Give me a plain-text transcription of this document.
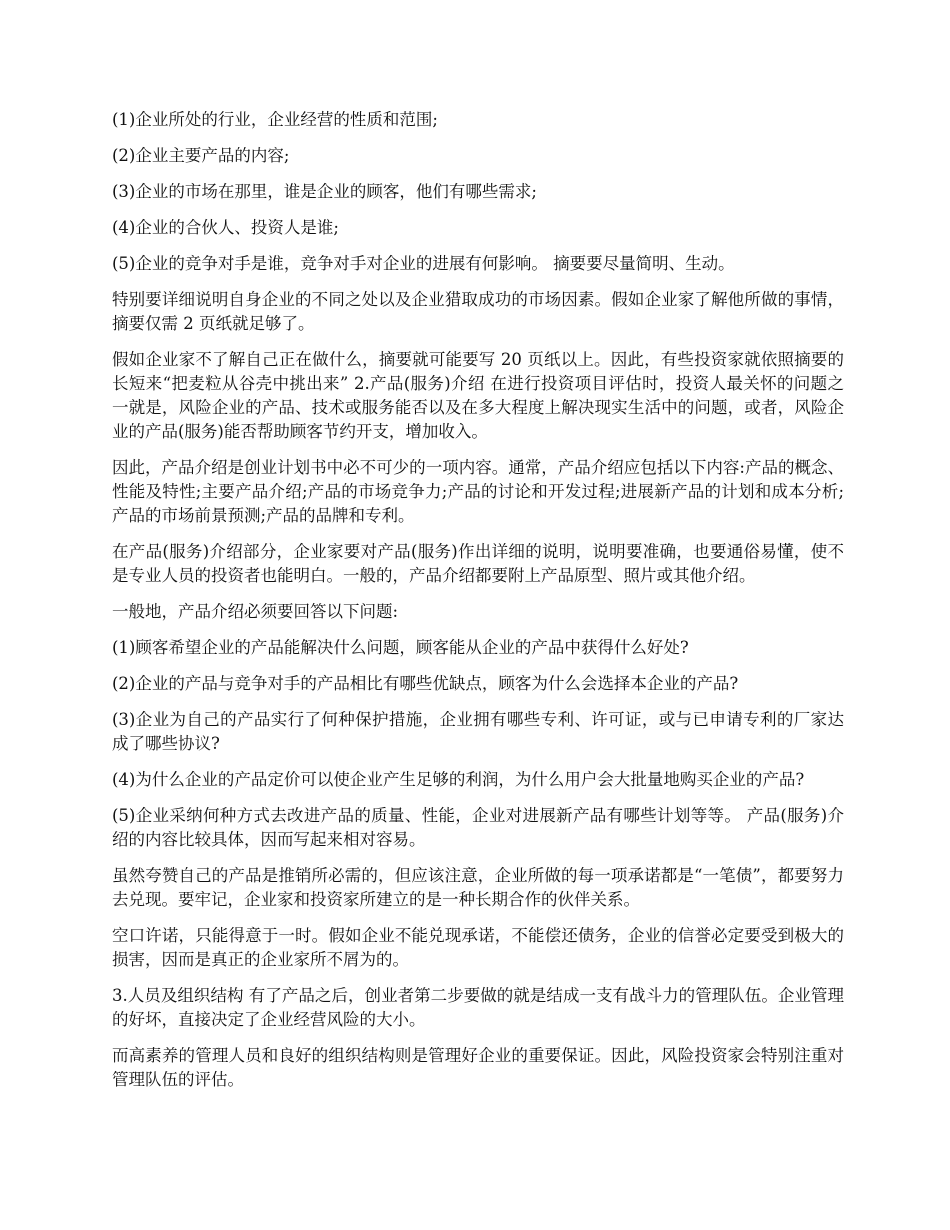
(1)企业所处的行业，企业经营的性质和范围;

(2)企业主要产品的内容;

(3)企业的市场在那里，谁是企业的顾客，他们有哪些需求;

(4)企业的合伙人、投资人是谁;

(5)企业的竞争对手是谁，竞争对手对企业的进展有何影响。 摘要要尽量简明、生动。

特别要详细说明自身企业的不同之处以及企业猎取成功的市场因素。假如企业家了解他所做的事情，摘要仅需 2 页纸就足够了。

假如企业家不了解自己正在做什么，摘要就可能要写 20 页纸以上。因此，有些投资家就依照摘要的长短来“把麦粒从谷壳中挑出来” 2.产品(服务)介绍 在进行投资项目评估时，投资人最关怀的问题之一就是，风险企业的产品、技术或服务能否以及在多大程度上解决现实生活中的问题，或者，风险企业的产品(服务)能否帮助顾客节约开支，增加收入。

因此，产品介绍是创业计划书中必不可少的一项内容。通常，产品介绍应包括以下内容:产品的概念、性能及特性;主要产品介绍;产品的市场竞争力;产品的讨论和开发过程;进展新产品的计划和成本分析;产品的市场前景预测;产品的品牌和专利。

在产品(服务)介绍部分，企业家要对产品(服务)作出详细的说明，说明要准确，也要通俗易懂，使不是专业人员的投资者也能明白。一般的，产品介绍都要附上产品原型、照片或其他介绍。

一般地，产品介绍必须要回答以下问题:

(1)顾客希望企业的产品能解决什么问题，顾客能从企业的产品中获得什么好处?

(2)企业的产品与竞争对手的产品相比有哪些优缺点，顾客为什么会选择本企业的产品?

(3)企业为自己的产品实行了何种保护措施，企业拥有哪些专利、许可证，或与已申请专利的厂家达成了哪些协议?

(4)为什么企业的产品定价可以使企业产生足够的利润，为什么用户会大批量地购买企业的产品?

(5)企业采纳何种方式去改进产品的质量、性能，企业对进展新产品有哪些计划等等。 产品(服务)介绍的内容比较具体，因而写起来相对容易。

虽然夸赞自己的产品是推销所必需的，但应该注意，企业所做的每一项承诺都是“一笔债”，都要努力去兑现。要牢记，企业家和投资家所建立的是一种长期合作的伙伴关系。

空口许诺，只能得意于一时。假如企业不能兑现承诺，不能偿还债务，企业的信誉必定要受到极大的损害，因而是真正的企业家所不屑为的。

3.人员及组织结构 有了产品之后，创业者第二步要做的就是结成一支有战斗力的管理队伍。企业管理的好坏，直接决定了企业经营风险的大小。

而高素养的管理人员和良好的组织结构则是管理好企业的重要保证。因此，风险投资家会特别注重对管理队伍的评估。
